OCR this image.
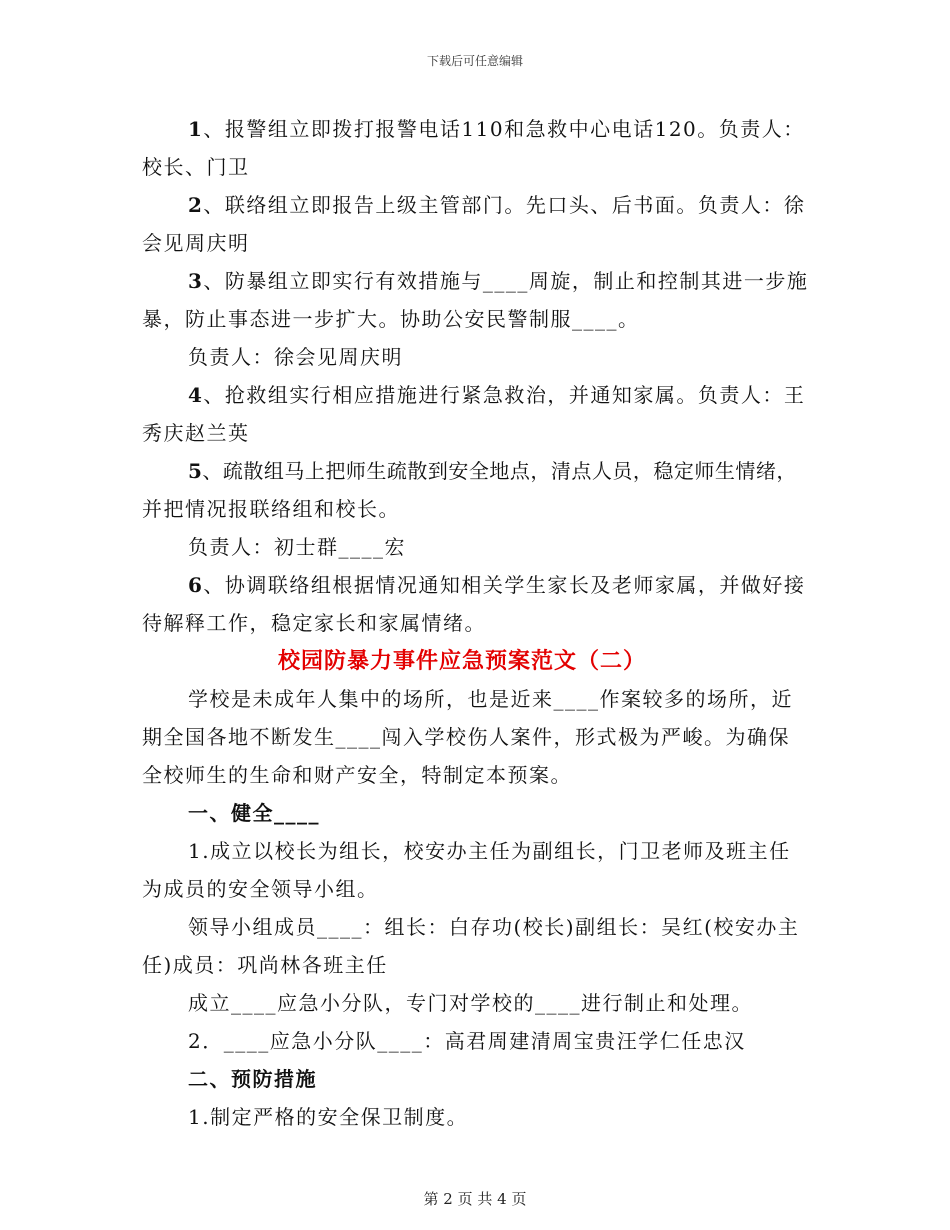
下载后可任意编辑

1、报警组立即拨打报警电话110和急救中心电话120。负责人：

校长、门卫

2、联络组立即报告上级主管部门。先口头、后书面。负责人：徐

会见周庆明

3、防暴组立即实行有效措施与____周旋，制止和控制其进一步施

暴，防止事态进一步扩大。协助公安民警制服____。

负责人：徐会见周庆明

4、抢救组实行相应措施进行紧急救治，并通知家属。负责人：王

秀庆赵兰英

5、疏散组马上把师生疏散到安全地点，清点人员，稳定师生情绪，

并把情况报联络组和校长。

负责人：初士群____宏

6、协调联络组根据情况通知相关学生家长及老师家属，并做好接

待解释工作，稳定家长和家属情绪。

校园防暴力事件应急预案范文（二）

学校是未成年人集中的场所，也是近来____作案较多的场所，近

期全国各地不断发生____闯入学校伤人案件，形式极为严峻。为确保

全校师生的生命和财产安全，特制定本预案。

一、健全____

1.成立以校长为组长，校安办主任为副组长，门卫老师及班主任

为成员的安全领导小组。

领导小组成员____：组长：白存功(校长)副组长：吴红(校安办主

任)成员：巩尚林各班主任

成立____应急小分队，专门对学校的____进行制止和处理。

2．____应急小分队____：高君周建清周宝贵汪学仁任忠汉

二、预防措施

1.制定严格的安全保卫制度。

第 2 页 共 4 页
